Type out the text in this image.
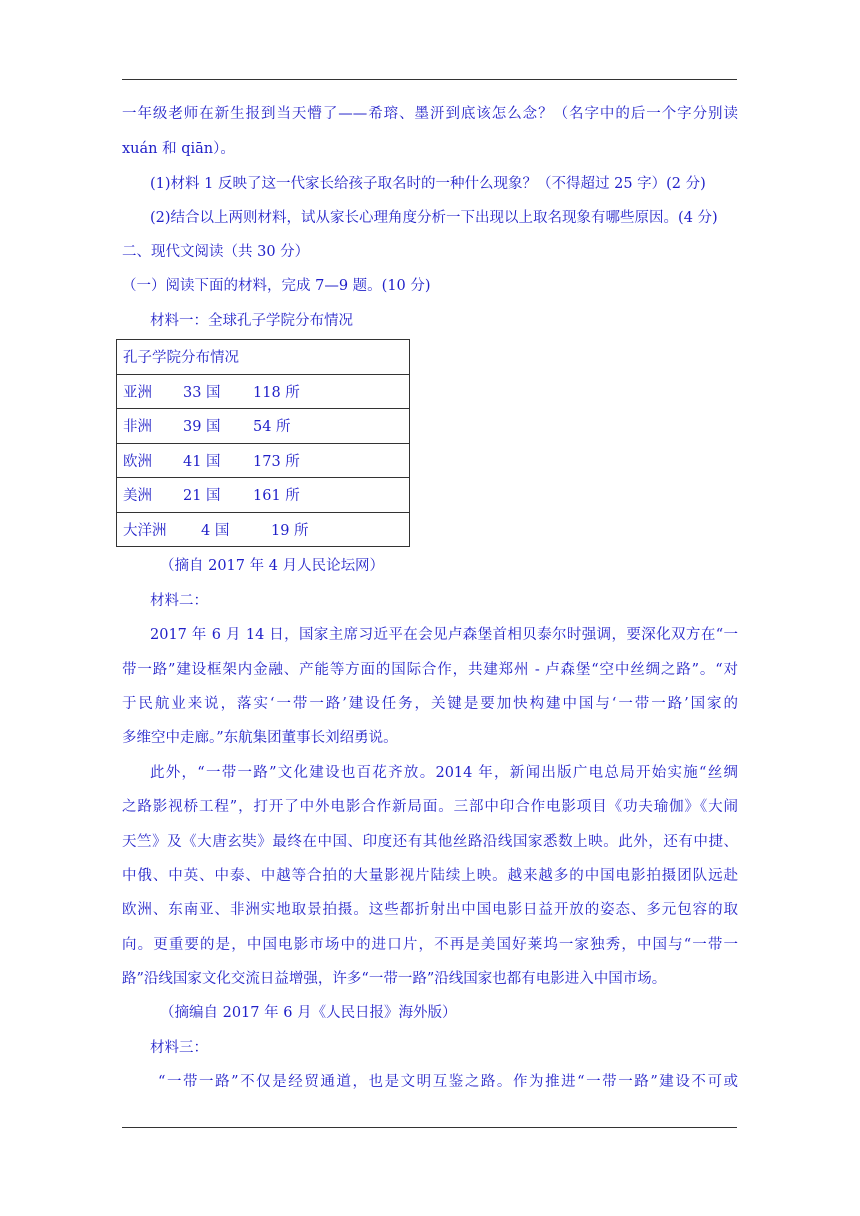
一年级老师在新生报到当天懵了——希瑢、墨汧到底该怎么念？（名字中的后一个字分别读
xuán 和 qiān）。
(1)材料 1 反映了这一代家长给孩子取名时的一种什么现象？（不得超过 25 字）(2 分)
(2)结合以上两则材料，试从家长心理角度分析一下出现以上取名现象有哪些原因。(4 分)
二、现代文阅读（共 30 分）
（一）阅读下面的材料，完成 7—9 题。(10 分)
材料一：全球孔子学院分布情况
孔子学院分布情况
亚洲 33 国 118 所
非洲 39 国 54 所
欧洲 41 国 173 所
美洲 21 国 161 所
大洋洲 4 国	19 所
（摘自 2017 年 4 月人民论坛网）
材料二：
2017 年 6 月 14 日，国家主席习近平在会见卢森堡首相贝泰尔时强调，要深化双方在“一
带一路”建设框架内金融、产能等方面的国际合作，共建郑州 - 卢森堡“空中丝绸之路”。“对
于民航业来说，落实‘一带一路’建设任务，关键是要加快构建中国与‘一带一路’国家的
多维空中走廊。”东航集团董事长刘绍勇说。
此外，“一带一路”文化建设也百花齐放。2014 年，新闻出版广电总局开始实施“丝绸
之路影视桥工程”，打开了中外电影合作新局面。三部中印合作电影项目《功夫瑜伽》《大闹
天竺》及《大唐玄奘》最终在中国、印度还有其他丝路沿线国家悉数上映。此外，还有中捷、
中俄、中英、中泰、中越等合拍的大量影视片陆续上映。越来越多的中国电影拍摄团队远赴
欧洲、东南亚、非洲实地取景拍摄。这些都折射出中国电影日益开放的姿态、多元包容的取
向。更重要的是，中国电影市场中的进口片，不再是美国好莱坞一家独秀，中国与“一带一
路”沿线国家文化交流日益增强，许多“一带一路”沿线国家也都有电影进入中国市场。
（摘编自 2017 年 6 月《人民日报》海外版）
材料三：
“一带一路”不仅是经贸通道，也是文明互鉴之路。作为推进“一带一路”建设不可或
